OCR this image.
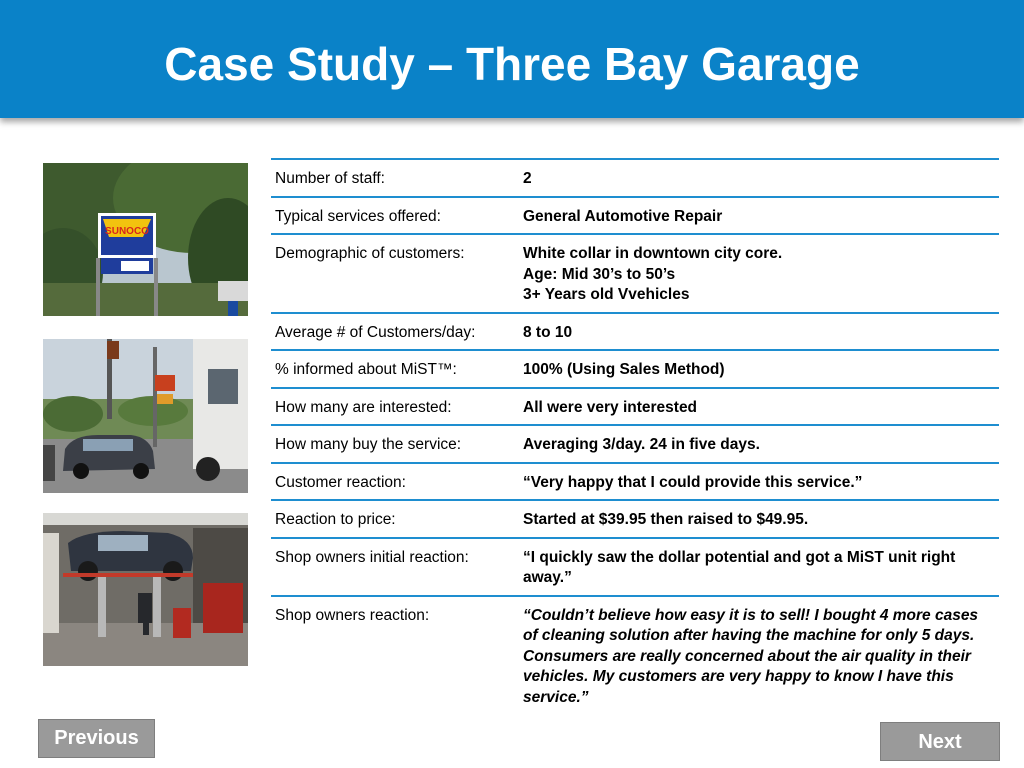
Case Study – Three Bay Garage
SUNOCO
Number of staff:	2
Typical services offered:	General Automotive Repair
Demographic of customers:	White collar in downtown city core.
Age: Mid 30’s to 50’s
3+ Years old Vvehicles

Average # of Customers/day:	8 to 10
% informed about MiST™:	100% (Using Sales Method)
How many are interested:	All were very interested
How many buy the service:	Averaging 3/day. 24 in five days.
Customer reaction:	“Very happy that I could provide this service.”
Reaction to price:	Started at $39.95 then raised to $49.95.
Shop owners initial reaction:	“I quickly saw the dollar potential and got a MiST unit right away.”
Shop owners reaction:	“Couldn’t believe how easy it is to sell! I bought 4 more cases of cleaning solution after having the machine for only 5 days. Consumers are really concerned about the air quality in their vehicles. My customers are very happy to know I have this service.”
Previous	Next
